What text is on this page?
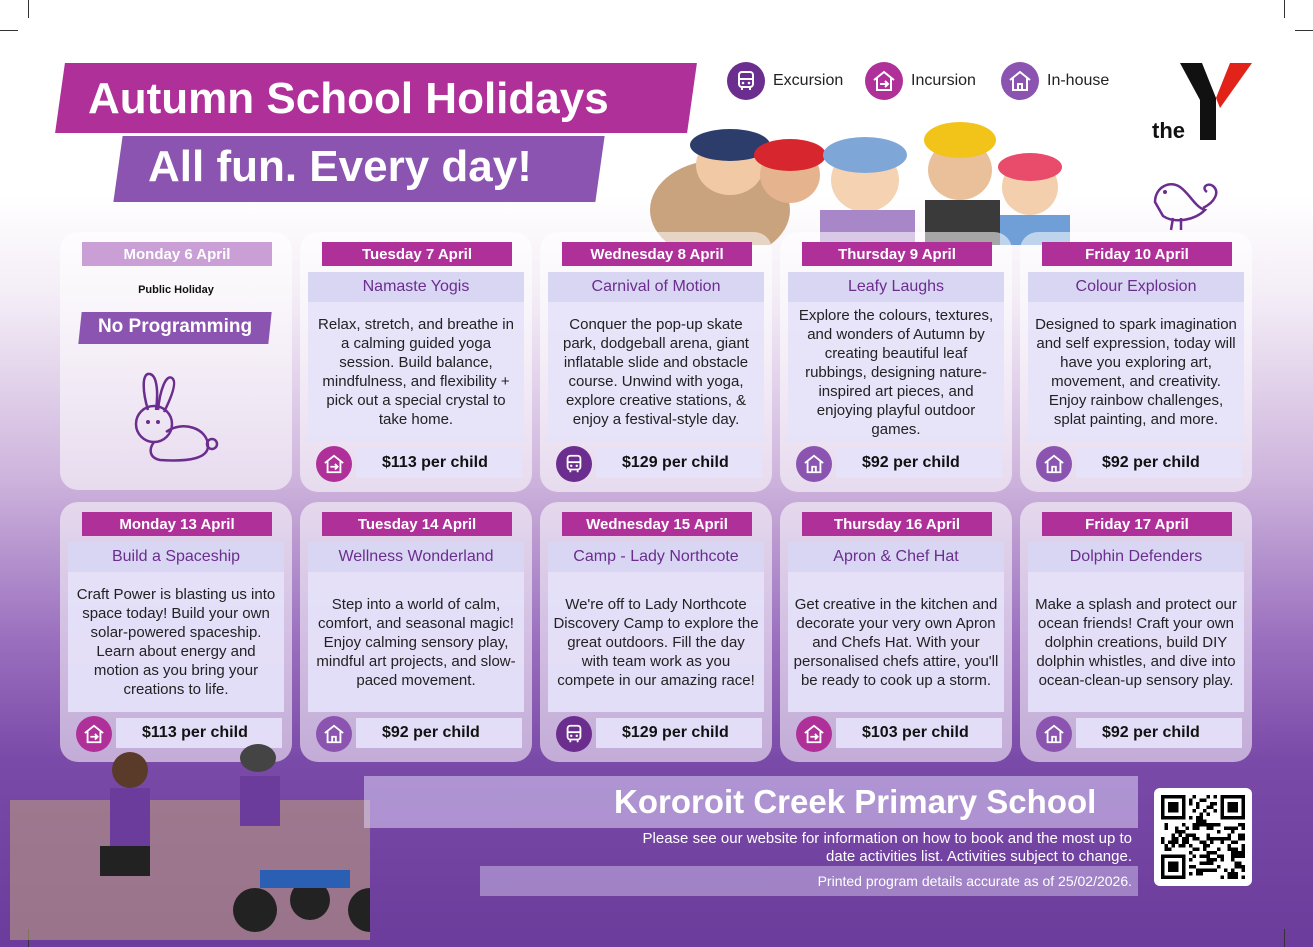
Autumn School Holidays
All fun. Every day!
Excursion	Incursion	In-house
the
Monday 6 April
Public Holiday
No Programming
Tuesday 7 April
Namaste Yogis
Relax, stretch, and breathe in a calming guided yoga session. Build balance, mindfulness, and flexibility + pick out a special crystal to take home.
$113 per child
Wednesday 8 April
Carnival of Motion
Conquer the pop-up skate park, dodgeball arena, giant inflatable slide and obstacle course. Unwind with yoga, explore creative stations, & enjoy a festival-style day.
$129 per child
Thursday 9 April
Leafy Laughs
Explore the colours, textures, and wonders of Autumn by creating beautiful leaf rubbings, designing nature-inspired art pieces, and enjoying playful outdoor games.
$92 per child
Friday 10 April
Colour Explosion
Designed to spark imagination and self expression, today will have you exploring art, movement, and creativity. Enjoy rainbow challenges, splat painting, and more.
$92 per child
Monday 13 April
Build a Spaceship
Craft Power is blasting us into space today! Build your own solar-powered spaceship. Learn about energy and motion as you bring your creations to life.
$113 per child
Tuesday 14 April
Wellness Wonderland
Step into a world of calm, comfort, and seasonal magic! Enjoy calming sensory play, mindful art projects, and slow-paced movement.
$92 per child
Wednesday 15 April
Camp - Lady Northcote
We're off to Lady Northcote Discovery Camp to explore the great outdoors. Fill the day with team work as you compete in our amazing race!
$129 per child
Thursday 16 April
Apron & Chef Hat
Get creative in the kitchen and decorate your very own Apron and Chefs Hat. With your personalised chefs attire, you'll be ready to cook up a storm.
$103 per child
Friday 17 April
Dolphin Defenders
Make a splash and protect our ocean friends! Craft your own dolphin creations, build DIY dolphin whistles, and dive into ocean-clean-up sensory play.
$92 per child
Kororoit Creek Primary School
Please see our website for information on how to book and the most up to date activities list. Activities subject to change.
Printed program details accurate as of 25/02/2026.
